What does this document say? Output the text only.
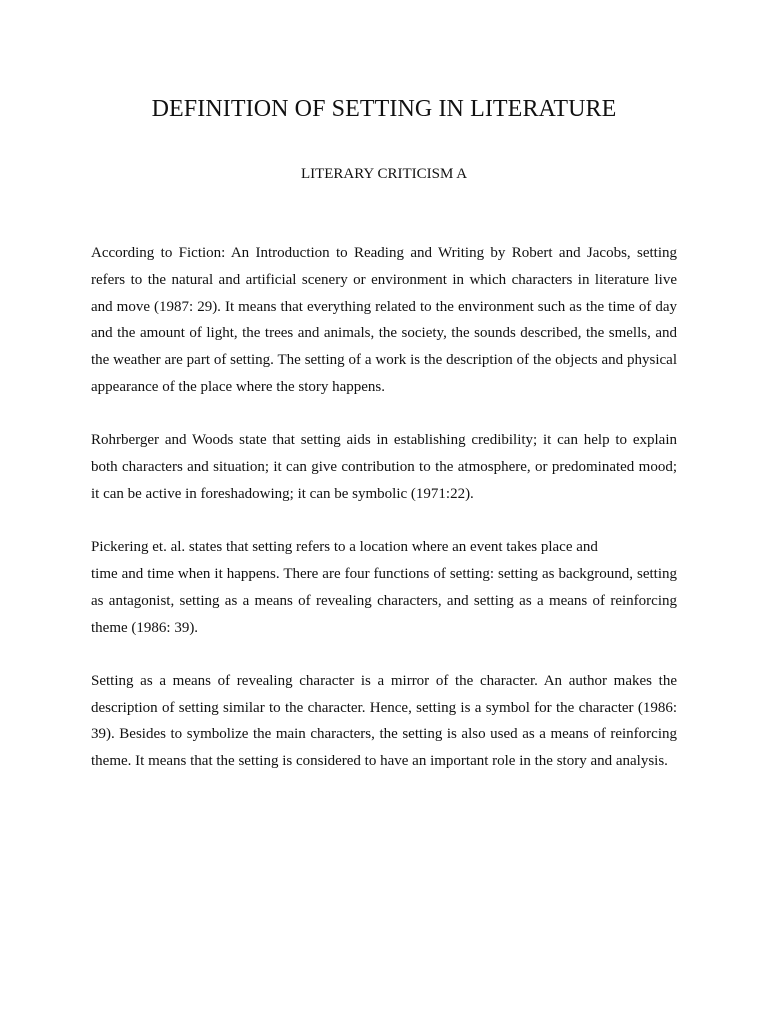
DEFINITION OF SETTING IN LITERATURE

LITERARY CRITICISM A

According to Fiction: An Introduction to Reading and Writing by Robert and Jacobs, setting refers to the natural and artificial scenery or environment in which characters in literature live and move (1987: 29). It means that everything related to the environment such as the time of day and the amount of light, the trees and animals, the society, the sounds described, the smells, and the weather are part of setting. The setting of a work is the description of the objects and physical appearance of the place where the story happens.

Rohrberger and Woods state that setting aids in establishing credibility; it can help to explain both characters and situation; it can give contribution to the atmosphere, or predominated mood; it can be active in foreshadowing; it can be symbolic (1971:22).

Pickering et. al. states that setting refers to a location where an event takes place and
time and time when it happens. There are four functions of setting: setting as background, setting as antagonist, setting as a means of revealing characters, and setting as a means of reinforcing theme (1986: 39).

Setting as a means of revealing character is a mirror of the character. An author makes the description of setting similar to the character. Hence, setting is a symbol for the character (1986: 39). Besides to symbolize the main characters, the setting is also used as a means of reinforcing theme. It means that the setting is considered to have an important role in the story and analysis.
